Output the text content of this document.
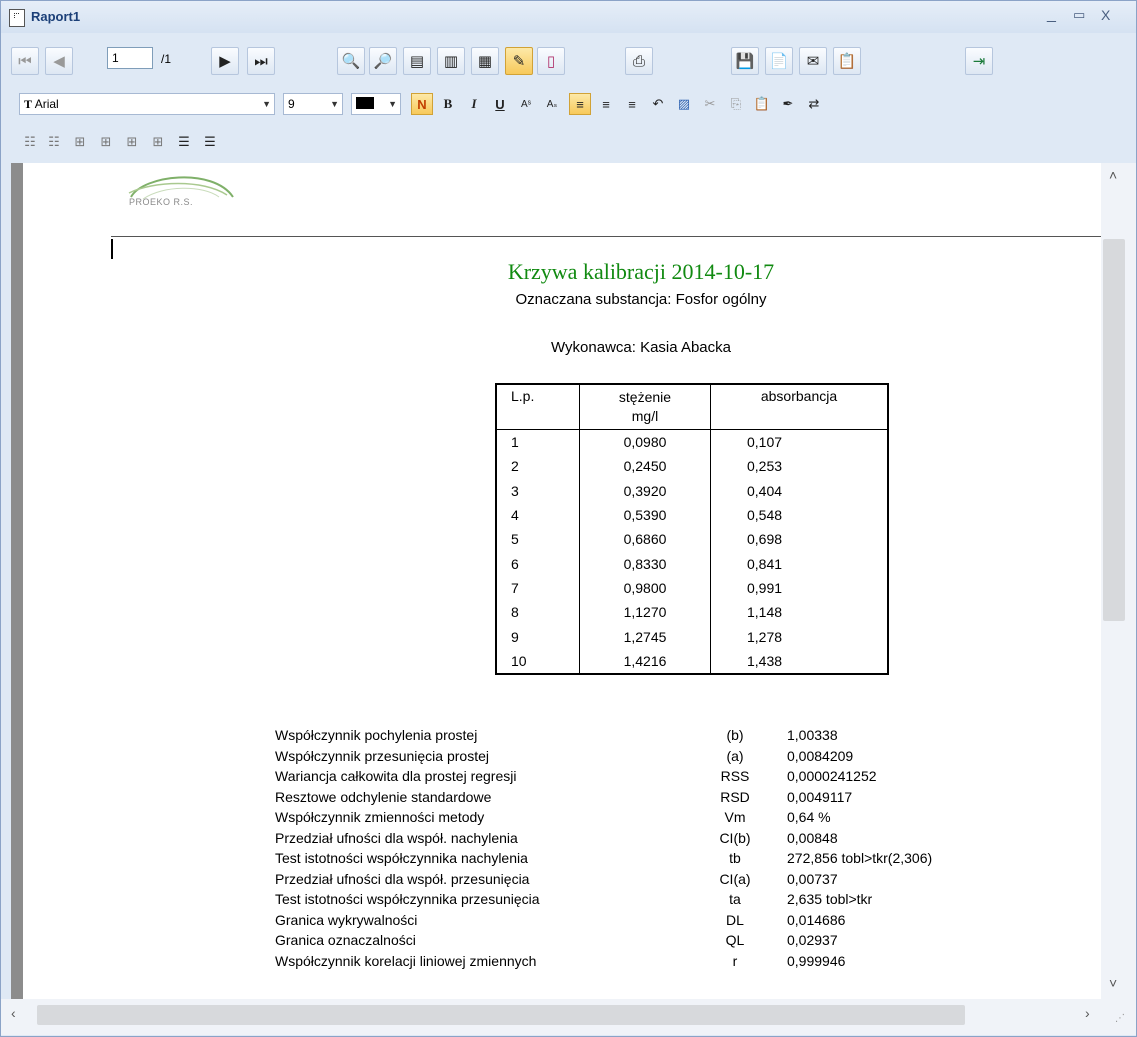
Raport1	_ ▭ X
⏮ ◀	▶ ⏭	🔍 🔎 ▤ ▥ ▦ ✎ ▯	⎙	💾 📄 ✉ 📋	⇥
1	/1
T Arial	▼	9	▼	▼	N	B	I	U	Aˢ Aₛ ≡ ≡ ≡ ↶ ▨ ✂ ⎘ 📋 ✒ ⇄
☷ ☷ ⊞ ⊞ ⊞ ⊞ ☰ ☰
PROEKO R.S.
Krzywa kalibracji 2014-10-17
Oznaczana substancja: Fosfor ogólny
Wykonawca: Kasia Abacka
L.p.	stężenie
mg/l	absorbancja
1	0,0980	0,107
2	0,2450	0,253
3	0,3920	0,404
4	0,5390	0,548
5	0,6860	0,698
6	0,8330	0,841
7	0,9800	0,991
8	1,1270	1,148
9	1,2745	1,278
10	1,4216	1,438
Współczynnik pochylenia prostej	(b)	1,00338
Współczynnik przesunięcia prostej	(a)	0,0084209
Wariancja całkowita dla prostej regresji	RSS	0,0000241252
Resztowe odchylenie standardowe	RSD	0,0049117
Współczynnik zmienności metody	Vm	0,64 %
Przedział ufności dla współ. nachylenia	CI(b)	0,00848
Test istotności współczynnika nachylenia	tb	272,856 tobl>tkr(2,306)
Przedział ufności dla współ. przesunięcia	CI(a)	0,00737
Test istotności współczynnika przesunięcia	ta	2,635 tobl>tkr
Granica wykrywalności	DL	0,014686
Granica oznaczalności	QL	0,02937
Współczynnik korelacji liniowej zmiennych	r	0,999946
˄
˅
‹	›	⋰
